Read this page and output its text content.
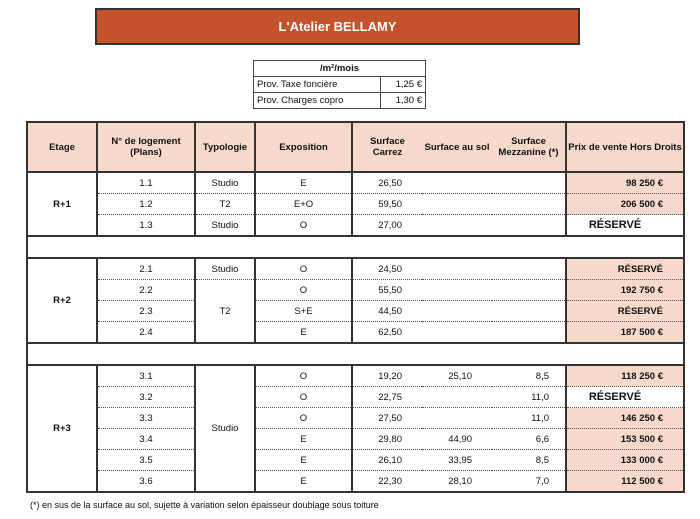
L'Atelier BELLAMY
/m²/mois	
Prov. Taxe foncière	1,25 €
Prov. Charges copro	1,30 €
Etage	N° de logement (Plans)	Typologie	Exposition	Surface Carrez	Surface au sol	Surface Mezzanine (*)	Prix de vente Hors Droits
R+1	1.1	Studio	E	26,50			98 250 €
	1.2	T2	E+O	59,50			206 500 €
	1.3	Studio	O	27,00			RÉSERVÉ

R+2	2.1	Studio	O	24,50			RÉSERVÉ
	2.2	T2	O	55,50			192 750 €
	2.3		S+E	44,50			RÉSERVÉ
	2.4		E	62,50			187 500 €

R+3	3.1	Studio	O	19,20	25,10	8,5	118 250 €
	3.2		O	22,75		11,0	RÉSERVÉ
	3.3		O	27,50		11,0	146 250 €
	3.4		E	29,80	44,90	6,6	153 500 €
	3.5		E	26,10	33,95	8,5	133 000 €
	3.6		E	22,30	28,10	7,0	112 500 €
(*) en sus de la surface au sol, sujette à variation selon épaisseur doublage sous toiture
